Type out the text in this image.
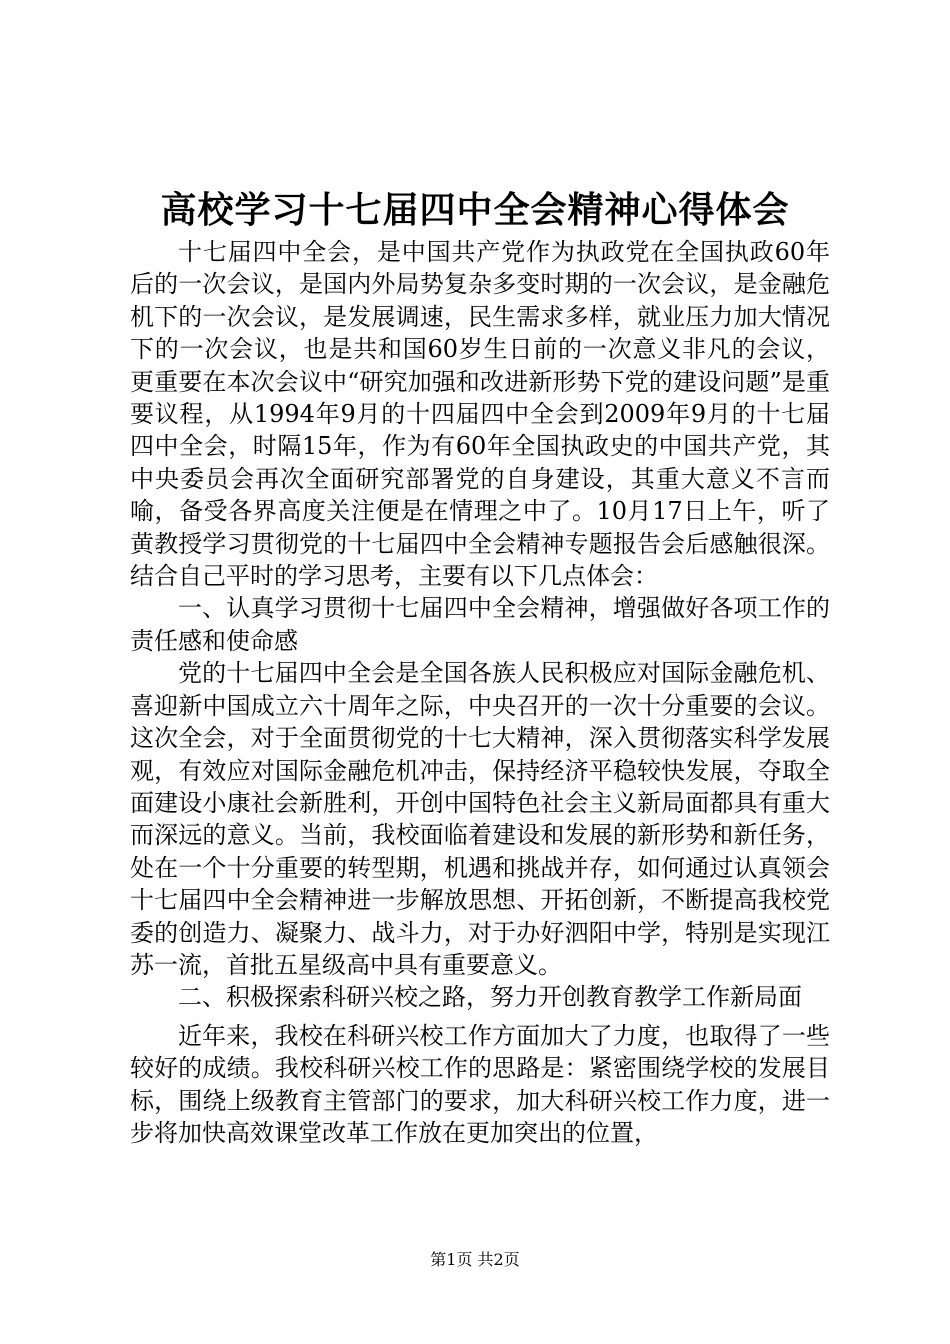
高校学习十七届四中全会精神心得体会

十七届四中全会，是中国共产党作为执政党在全国执政60年后的一次会议，是国内外局势复杂多变时期的一次会议，是金融危机下的一次会议，是发展调速，民生需求多样，就业压力加大情况下的一次会议，也是共和国60岁生日前的一次意义非凡的会议，更重要在本次会议中“研究加强和改进新形势下党的建设问题”是重要议程，从1994年9月的十四届四中全会到2009年9月的十七届四中全会，时隔15年，作为有60年全国执政史的中国共产党，其中央委员会再次全面研究部署党的自身建设，其重大意义不言而喻，备受各界高度关注便是在情理之中了。10月17日上午，听了黄教授学习贯彻党的十七届四中全会精神专题报告会后感触很深。结合自己平时的学习思考，主要有以下几点体会：

一、认真学习贯彻十七届四中全会精神，增强做好各项工作的责任感和使命感

党的十七届四中全会是全国各族人民积极应对国际金融危机、喜迎新中国成立六十周年之际，中央召开的一次十分重要的会议。这次全会，对于全面贯彻党的十七大精神，深入贯彻落实科学发展观，有效应对国际金融危机冲击，保持经济平稳较快发展，夺取全面建设小康社会新胜利，开创中国特色社会主义新局面都具有重大而深远的意义。当前，我校面临着建设和发展的新形势和新任务，处在一个十分重要的转型期，机遇和挑战并存，如何通过认真领会十七届四中全会精神进一步解放思想、开拓创新，不断提高我校党委的创造力、凝聚力、战斗力，对于办好泗阳中学，特别是实现江苏一流，首批五星级高中具有重要意义。

二、积极探索科研兴校之路，努力开创教育教学工作新局面

近年来，我校在科研兴校工作方面加大了力度，也取得了一些较好的成绩。我校科研兴校工作的思路是：紧密围绕学校的发展目标，围绕上级教育主管部门的要求，加大科研兴校工作力度，进一步将加快高效课堂改革工作放在更加突出的位置，

第1页 共2页
